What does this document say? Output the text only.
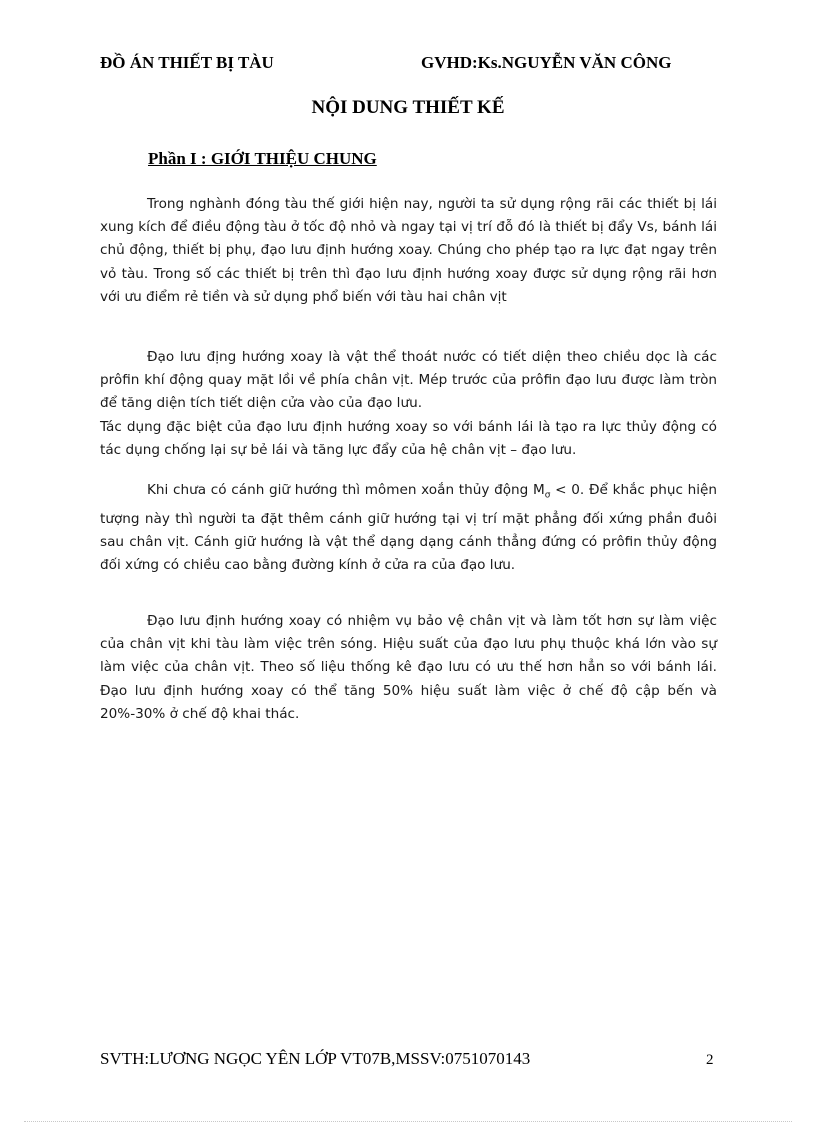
ĐỒ ÁN THIẾT BỊ TÀU	GVHD:Ks.NGUYỄN VĂN CÔNG
NỘI DUNG THIẾT KẾ
Phần I : GIỚI THIỆU CHUNG

Trong nghành đóng tàu thế giới hiện nay, người ta sử dụng rộng rãi các thiết bị lái xung kích để điều động tàu ở tốc độ nhỏ và ngay tại vị trí đỗ đó là thiết bị đẩy Vs, bánh lái chủ động, thiết bị phụ, đạo lưu định hướng xoay. Chúng cho phép tạo ra lực đạt ngay trên vỏ tàu. Trong số các thiết bị trên thì đạo lưu định hướng xoay được sử dụng rộng rãi hơn với ưu điểm rẻ tiền và sử dụng phổ biến với tàu hai chân vịt

Đạo lưu địng hướng xoay là vật thể thoát nước có tiết diện theo chiều dọc là các prôfin khí động quay mặt lồi về phía chân vịt. Mép trước của prôfin đạo lưu được làm tròn để tăng diện tích tiết diện cửa vào của đạo lưu.

Tác dụng đặc biệt của đạo lưu định hướng xoay so với bánh lái là tạo ra lực thủy động có tác dụng chống lại sự bẻ lái và tăng lực đẩy của hệ chân vịt – đạo lưu.

Khi chưa có cánh giữ hướng thì mômen xoắn thủy động $M_\sigma < 0$. Để khắc phục hiện tượng này thì người ta đặt thêm cánh giữ hướng tại vị trí mặt phẳng đối xứng phần đuôi sau chân vịt. Cánh giữ hướng là vật thể dạng dạng cánh thẳng đứng có prôfin thủy động đối xứng có chiều cao bằng đường kính ở cửa ra của đạo lưu.

Đạo lưu định hướng xoay có nhiệm vụ bảo vệ chân vịt và làm tốt hơn sự làm việc của chân vịt khi tàu làm việc trên sóng. Hiệu suất của đạo lưu phụ thuộc khá lớn vào sự làm việc của chân vịt. Theo số liệu thống kê đạo lưu có ưu thế hơn hẳn so với bánh lái. Đạo lưu định hướng xoay có thể tăng 50% hiệu suất làm việc ở chế độ cập bến và 20%-30% ở chế độ khai thác.

SVTH:LƯƠNG NGỌC YÊN LỚP VT07B,MSSV:0751070143	2
